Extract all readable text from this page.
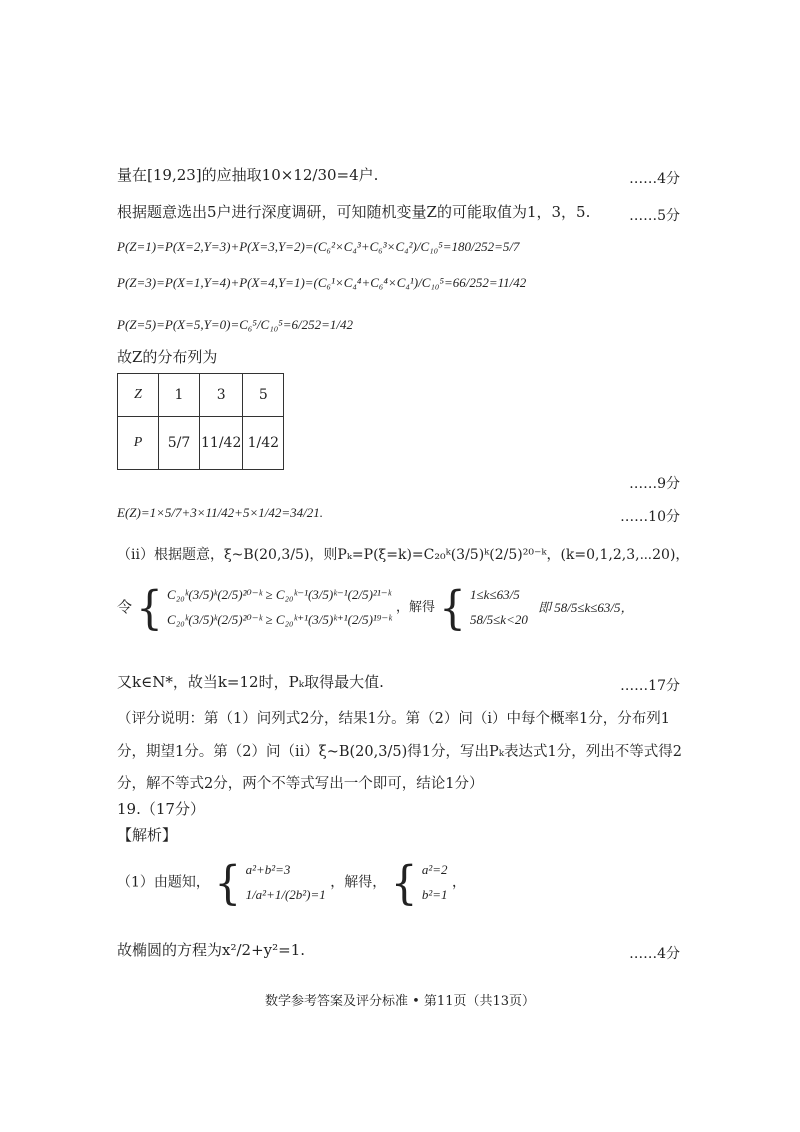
量在[19,23]的应抽取10×12/30=4户.	……4分
根据题意选出5户进行深度调研，可知随机变量Z的可能取值为1，3，5.	……5分
P(Z=1)=P(X=2,Y=3)+P(X=3,Y=2)=(C₆²×C₄³+C₆³×C₄²)/C₁₀⁵=180/252=5/7
P(Z=3)=P(X=1,Y=4)+P(X=4,Y=1)=(C₆¹×C₄⁴+C₆⁴×C₄¹)/C₁₀⁵=66/252=11/42
P(Z=5)=P(X=5,Y=0)=C₆⁵/C₁₀⁵=6/252=1/42
故Z的分布列为
Z	1	3	5
P	5/7	11/42	1/42
……9分
E(Z)=1×5/7+3×11/42+5×1/42=34/21.	……10分
（ii）根据题意，ξ~B(20,3/5)，则Pₖ=P(ξ=k)=C₂₀ᵏ(3/5)ᵏ(2/5)²⁰⁻ᵏ，(k=0,1,2,3,⋯20)，
令 { C₂₀ᵏ(3/5)ᵏ(2/5)²⁰⁻ᵏ ≥ C₂₀ᵏ⁻¹(3/5)ᵏ⁻¹(2/5)²¹⁻ᵏ
C₂₀ᵏ(3/5)ᵏ(2/5)²⁰⁻ᵏ ≥ C₂₀ᵏ⁺¹(3/5)ᵏ⁺¹(2/5)¹⁹⁻ᵏ
，解得 { 1≤k≤63/5
58/5≤k<20
即 58/5≤k≤63/5，
又k∈N*，故当k=12时，Pₖ取得最大值.	……17分
（评分说明：第（1）问列式2分，结果1分。第（2）问（i）中每个概率1分，分布列1
分，期望1分。第（2）问（ii）ξ~B(20,3/5)得1分，写出Pₖ表达式1分，列出不等式得2
分，解不等式2分，两个不等式写出一个即可，结论1分）
19.（17分）
【解析】
（1）由题知， { a²+b²=3
1/a²+1/(2b²)=1
，解得， { a²=2
b²=1
，
故椭圆的方程为x²/2+y²=1.	……4分
数学参考答案及评分标准 • 第11页（共13页）
